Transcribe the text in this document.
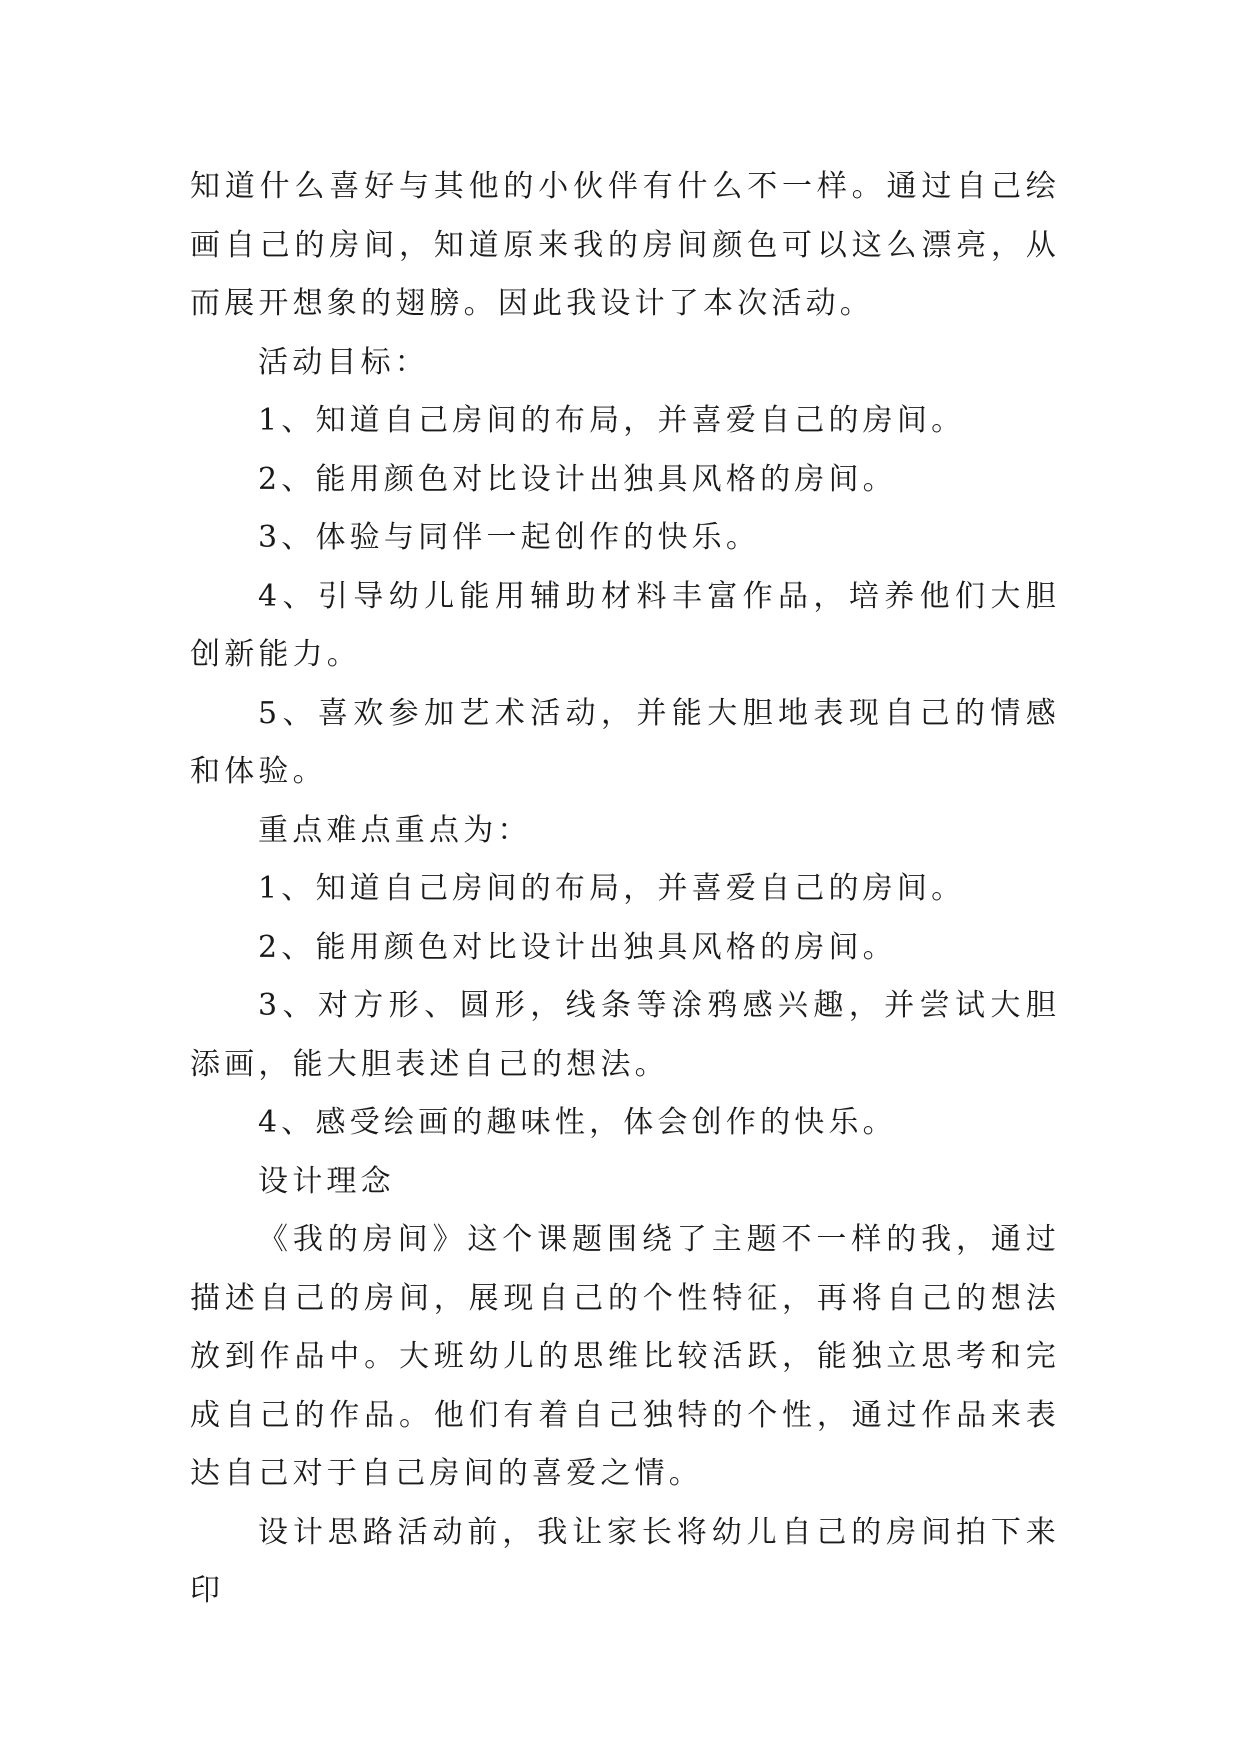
知道什么喜好与其他的小伙伴有什么不一样。通过自己绘画自己的房间，知道原来我的房间颜色可以这么漂亮，从而展开想象的翅膀。因此我设计了本次活动。

活动目标：

1、知道自己房间的布局，并喜爱自己的房间。

2、能用颜色对比设计出独具风格的房间。

3、体验与同伴一起创作的快乐。

4、引导幼儿能用辅助材料丰富作品，培养他们大胆创新能力。

5、喜欢参加艺术活动，并能大胆地表现自己的情感和体验。

重点难点重点为：

1、知道自己房间的布局，并喜爱自己的房间。

2、能用颜色对比设计出独具风格的房间。

3、对方形、圆形，线条等涂鸦感兴趣，并尝试大胆添画，能大胆表述自己的想法。

4、感受绘画的趣味性，体会创作的快乐。

设计理念

《我的房间》这个课题围绕了主题不一样的我，通过描述自己的房间，展现自己的个性特征，再将自己的想法放到作品中。大班幼儿的思维比较活跃，能独立思考和完成自己的作品。他们有着自己独特的个性，通过作品来表达自己对于自己房间的喜爱之情。

设计思路活动前，我让家长将幼儿自己的房间拍下来印
